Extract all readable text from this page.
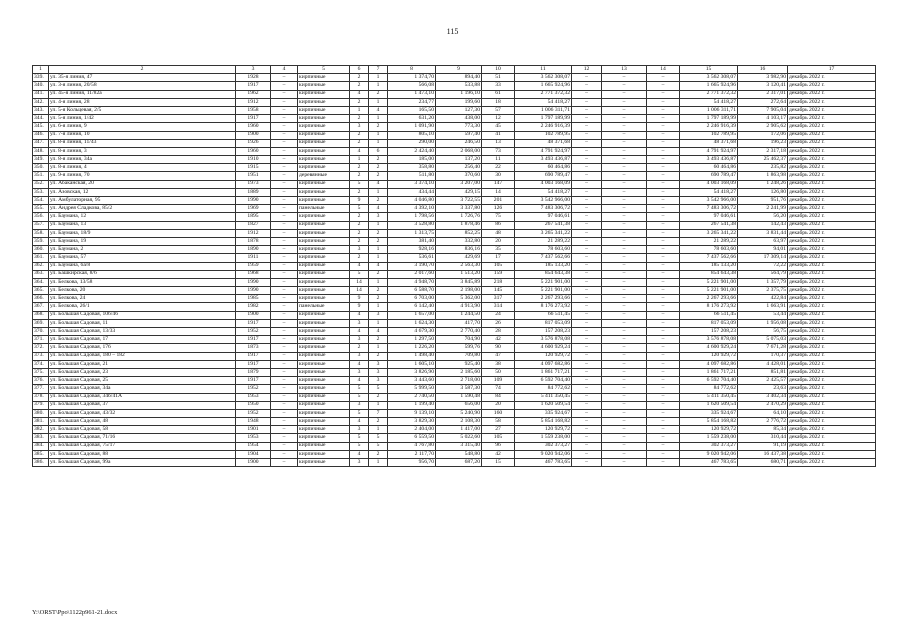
115
1	2	3	4	5	6	7	8	9	10	11	12	13	14	15	16	17
339.	ул. 35-я линия, 47	1928	–	кирпичные	2	1	1 374,70	894,40	51	3 562 308,07	–	–	–	3 562 308,07	3 982,90	декабрь 2022 г.
340.	ул. 3-я линия, 20/58	1917	–	кирпичные	2	1	566,08	533,88	33	1 665 924,96	–	–	–	1 665 924,96	3 120,41	декабрь 2022 г.
341.	ул. 45-я линия, 11/82а	1962	–	кирпичные	4	2	1 473,10	1 196,10	61	2 771 372,32	–	–	–	2 771 372,32	2 317,01	декабрь 2022 г.
342.	ул. 4-я линия, 28	1912	–	кирпичные	2	1	234,77	199,60	18	54 418,27	–	–	–	54 418,27	272,64	декабрь 2022 г.
343.	ул. 5-я Кольцевая, 2/5	1958	–	кирпичные	1	4	165,50	127,30	57	1 006 311,71	–	–	–	1 006 311,71	7 905,04	декабрь 2022 г.
344.	ул. 5-я линия, 1/42	1917	–	кирпичные	2	1	631,20	438,00	12	1 797 189,99	–	–	–	1 797 189,99	4 103,17	декабрь 2022 г.
345.	ул. 6-я линия, 9	1960	–	кирпичные	3	2	1 091,90	773,30	45	2 246 916,39	–	–	–	2 246 916,39	2 905,62	декабрь 2022 г.
346.	ул. 7-я линия, 10	1900	–	кирпичные	2	1	805,10	597,40	41	102 789,95	–	–	–	102 789,95	172,06	декабрь 2022 г.
347.	ул. 8-я линия, 11/43	1926	–	кирпичные	2	1	290,00	246,50	13	48 371,68	–	–	–	48 371,68	196,23	декабрь 2022 г.
348.	ул. 8-я линия, 3	1960	–	кирпичные	4	6	2 424,40	2 068,00	73	4 791 924,97	–	–	–	4 791 924,97	2 317,18	декабрь 2022 г.
349.	ул. 8-я линия, 34а	1910	–	кирпичные	1	2	185,00	137,20	11	3 493 436,87	–	–	–	3 493 436,87	25 462,37	декабрь 2022 г.
350.	ул. 8-я линия, 4	1915	–	кирпичные	2	2	358,80	256,40	22	60 464,86	–	–	–	60 464,86	235,82	декабрь 2022 г.
351.	ул. 9-я линия, 70	1951	–	деревянные	2	2	511,80	370,60	30	690 789,47	–	–	–	690 789,47	1 863,98	декабрь 2022 г.
352.	ул. Абаканская, 20	1973	–	кирпичные	5	4	3 374,10	3 207,00	147	4 003 168,09	–	–	–	4 003 168,09	1 248,26	декабрь 2022 г.
353.	ул. Азовская, 12	1889	–	кирпичные	2	1	434,44	429,15	14	54 418,27	–	–	–	54 418,27	126,80	декабрь 2022 г.
354.	ул. Амбулаторная, 95	1990	–	кирпичные	9	2	4 046,80	3 722,55	201	3 542 966,00	–	–	–	3 542 966,00	951,76	декабрь 2022 г.
355.	ул. Андрея Сладкова, 85/2	1969	–	панельные	5	4	4 392,10	3 337,80	126	7 483 306,72	–	–	–	7 483 306,72	2 241,99	декабрь 2022 г.
356.	ул. Баумана, 12	1895	–	кирпичные	2	3	1 798,56	1 726,76	75	97 046,61	–	–	–	97 046,61	56,20	декабрь 2022 г.
357.	ул. Баумана, 13	1827	–	кирпичные	2	1	3 528,80	1 878,46	86	267 541,38	–	–	–	267 541,38	142,43	декабрь 2022 г.
358.	ул. Баумана, 18/9	1912	–	кирпичные	2	2	1 313,75	852,25	48	3 265 341,22	–	–	–	3 265 341,22	3 831,44	декабрь 2022 г.
359.	ул. Баумана, 19	1878	–	кирпичные	2	2	381,40	332,80	20	21 289,22	–	–	–	21 289,22	63,97	декабрь 2022 г.
360.	ул. Баумана, 2	1890	–	кирпичные	3	1	928,16	836,16	35	78 603,60	–	–	–	78 603,60	94,01	декабрь 2022 г.
361.	ул. Баумана, 57	1911	–	кирпичные	2	1	536,61	429,69	17	7 437 562,66	–	–	–	7 437 562,66	17 309,14	декабрь 2022 г.
362.	ул. Баумана, 6а/8	1959	–	кирпичные	4	4	3 190,70	2 563,30	105	185 133,20	–	–	–	185 133,20	72,22	декабрь 2022 г.
363.	ул. Башкирская, 8/6	1968	–	кирпичные	5	2	2 017,60	1 513,20	159	854 643,38	–	–	–	854 643,38	564,79	декабрь 2022 г.
364.	ул. Белкова, 13/58	1990	–	кирпичные	14	1	4 948,70	3 845,89	218	5 221 901,00	–	–	–	5 221 901,00	1 357,79	декабрь 2022 г.
365.	ул. Белкова, 20	1990	–	кирпичные	14	2	6 588,70	2 198,00	145	5 221 901,00	–	–	–	5 221 901,00	2 375,75	декабрь 2022 г.
366.	ул. Белкова, 24	1985	–	кирпичные	9	2	6 703,00	5 362,00	317	2 267 293,66	–	–	–	2 267 293,66	422,84	декабрь 2022 г.
367.	ул. Белкова, 26/1	1982	–	панельные	9	1	6 142,40	4 913,90	314	8 176 273,92	–	–	–	8 176 273,92	1 663,91	декабрь 2022 г.
368.	ул. Большая Садовая, 106/46	1900	–	кирпичные	4	3	1 657,00	1 244,50	24	66 511,45	–	–	–	66 511,45	53,44	декабрь 2022 г.
369.	ул. Большая Садовая, 11	1917	–	кирпичные	3	1	1 624,30	417,70	26	817 053,09	–	–	–	817 053,09	1 956,08	декабрь 2022 г.
370.	ул. Большая Садовая, 13/33	1952	–	кирпичные	4	4	4 679,30	2 770,40	28	157 208,23	–	–	–	157 208,23	56,75	декабрь 2022 г.
371.	ул. Большая Садовая, 17	1917	–	кирпичные	3	2	1 297,50	704,90	42	3 576 878,08	–	–	–	3 576 878,08	5 075,03	декабрь 2022 г.
372.	ул. Большая Садовая, 176	1873	–	кирпичные	2	1	1 226,20	599,76	90	4 600 929,24	–	–	–	4 600 929,24	7 671,28	декабрь 2022 г.
373.	ул. Большая Садовая, 180 – 182	1917	–	кирпичные	3	2	1 498,40	709,80	47	120 929,72	–	–	–	120 929,72	170,37	декабрь 2022 г.
374.	ул. Большая Садовая, 21	1917	–	кирпичные	4	3	1 605,10	925,40	38	4 097 682,86	–	–	–	4 097 682,86	4 428,01	декабрь 2022 г.
375.	ул. Большая Садовая, 23	1879	–	кирпичные	3	3	3 826,90	2 185,60	50	1 861 717,21	–	–	–	1 861 717,21	851,81	декабрь 2022 г.
376.	ул. Большая Садовая, 25	1917	–	кирпичные	4	3	3 443,60	2 718,00	109	6 592 704,40	–	–	–	6 592 704,40	2 425,57	декабрь 2022 г.
377.	ул. Большая Садовая, 34а	1952	–	кирпичные	5	5	5 999,50	3 587,30	74	84 772,62	–	–	–	84 772,62	23,63	декабрь 2022 г.
378.	ул. Большая Садовая, 34б/41А	1953	–	кирпичные	5	2	2 740,50	1 590,48	84	5 411 350,45	–	–	–	5 411 350,45	3 402,34	декабрь 2022 г.
379.	ул. Большая Садовая, 37	1950	–	кирпичные	3	1	1 199,40	656,00	20	1 620 509,54	–	–	–	1 620 509,54	2 470,29	декабрь 2022 г.
380.	ул. Большая Садовая, 43/32	1952	–	кирпичные	5	7	9 139,10	5 240,90	160	335 924,67	–	–	–	335 924,67	64,10	декабрь 2022 г.
381.	ул. Большая Садовая, 48	1948	–	кирпичные	4	2	3 829,30	2 108,30	58	5 854 168,82	–	–	–	5 854 168,82	2 776,72	декабрь 2022 г.
382.	ул. Большая Садовая, 58	1901	–	кирпичные	3	1	2 404,00	1 417,00	27	120 929,72	–	–	–	120 929,72	85,34	декабрь 2022 г.
383.	ул. Большая Садовая, 71/16	1953	–	кирпичные	5	5	6 559,50	5 022,60	105	1 559 238,00	–	–	–	1 559 238,00	310,44	декабрь 2022 г.
384.	ул. Большая Садовая, 75/17	1954	–	кирпичные	5	5	4 767,80	3 315,40	96	302 373,27	–	–	–	302 373,27	91,19	декабрь 2022 г.
385.	ул. Большая Садовая, 88	1904	–	кирпичные	4	2	2 117,70	548,80	42	9 020 942,06	–	–	–	9 020 942,06	16 437,38	декабрь 2022 г.
386.	ул. Большая Садовая, 99а	1900	–	кирпичные	3	1	956,70	687,20	15	467 783,65	–	–	–	467 783,65	680,71	декабрь 2022 г.
Y:\ORST\Ppo\1122p961-21.docx
